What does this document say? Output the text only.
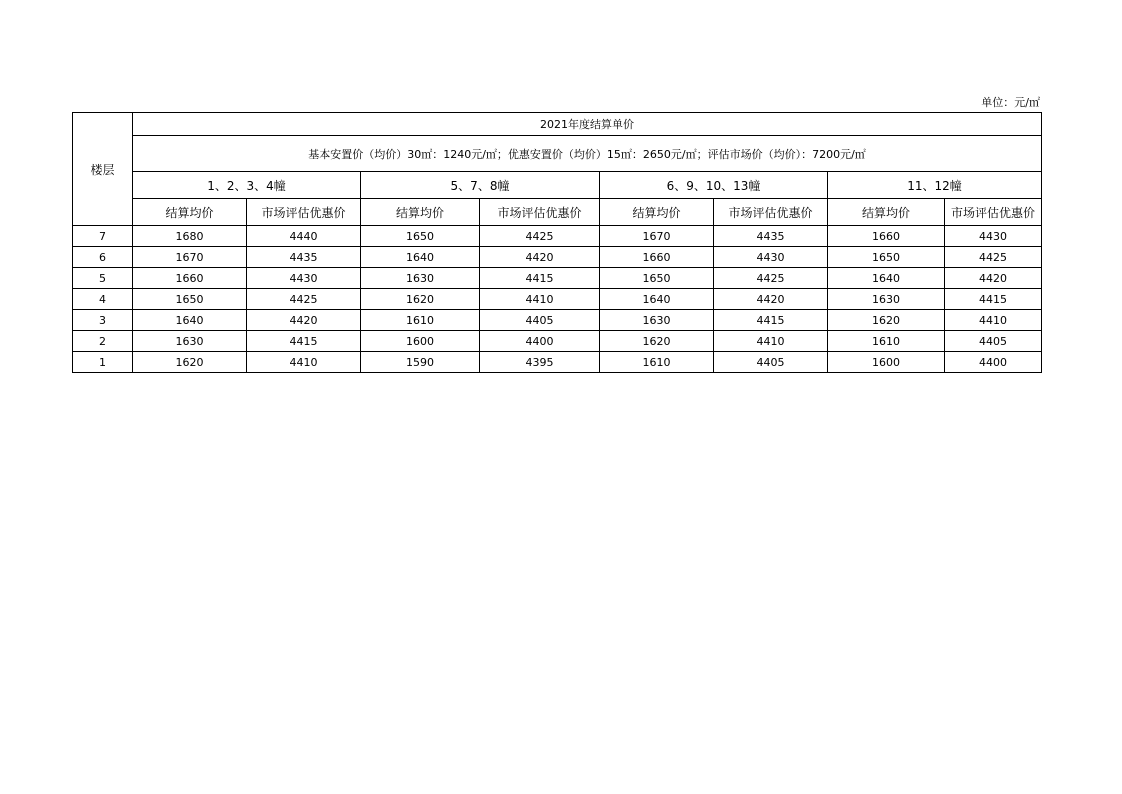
单位：元/㎡
楼层	2021年度结算单价							
	基本安置价（均价）30㎡：1240元/㎡；优惠安置价（均价）15㎡：2650元/㎡；评估市场价（均价）：7200元/㎡							
	1、2、3、4幢		5、7、8幢		6、9、10、13幢		11、12幢	
	结算均价	市场评估优惠价	结算均价	市场评估优惠价	结算均价	市场评估优惠价	结算均价	市场评估优惠价
7	1680	4440	1650	4425	1670	4435	1660	4430
6	1670	4435	1640	4420	1660	4430	1650	4425
5	1660	4430	1630	4415	1650	4425	1640	4420
4	1650	4425	1620	4410	1640	4420	1630	4415
3	1640	4420	1610	4405	1630	4415	1620	4410
2	1630	4415	1600	4400	1620	4410	1610	4405
1	1620	4410	1590	4395	1610	4405	1600	4400
